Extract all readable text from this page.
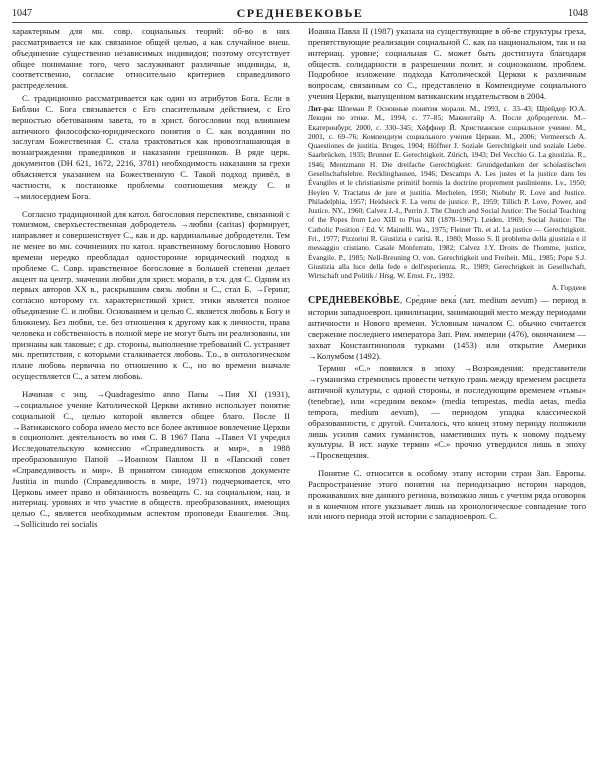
1047	СРЕДНЕВЕКОВЬЕ	1048

характерным для мн. совр. социальных теорий: об-во в них рассматривается не как связанное общей целью, а как случайное внеш. объединение существенно независимых индивидов; поэтому отсутствует общее понимание того, чего заслуживают различные индивиды, и, соответственно, согласие относительно критериев справедливого распределения.

С. традиционно рассматривается как один из атрибутов Бога. Если в Библии С. Бога связывается с Его спасительным действием, с Его верностью обетованиям завета, то в христ. богословии под влиянием античного философско-юридического понятия о С. как воздаянии по заслугам Божественная С. стала трактоваться как провозглашающая в вознаграждении праведников и наказании грешников. В ряде церк. документов (DH 621, 1672, 2216, 3781) необходимость наказания за грехи объясняется указанием на Божественную С. Такой подход привёл, в частности, к постановке проблемы соотношения между С. и →милосердием Бога.

Согласно традиционной для катол. богословия перспективе, связанной с томизмом, сверхъестественная добродетель →любви (caritas) формирует, направляет и совершенствует С., как и др. кардинальные добродетели. Тем не менее во мн. сочинениях по катол. нравственному богословию Нового времени нередко преобладал односторонне юридический подход к проблеме С. Совр. нравственное богословие в большей степени делает акцент на центр. значении любви для христ. морали, в т.ч. для С. Одним из первых авторов XX в., раскрывшим связь любви и С., стал Б. →Геринг, согласно которому гл. характеристикой христ. этики является полное объединение С. и любви. Основанием и целью С. является любовь к Богу и ближнему. Без любви, т.е. без отношения к другому как к личности, права человека и собственность в полной мере не могут быть ни реализованы, ни признаны как таковые; с др. стороны, выполнение требований С. устраняет мн. препятствия, с которыми сталкивается любовь. Т.о., в онтологическом плане любовь первична по отношению к С., но во времени вначале осуществляется С., а затем любовь.

Начиная с энц. →Quadragesimo anno Папы →Пия XI (1931), →социальное учение Католической Церкви активно использует понятие социальной С., целью которой является общее благо. После II →Ватиканского собора имело место все более активное вовлечение Церкви в социополит. деятельность во имя С. В 1967 Папа →Павел VI учредил Исследовательскую комиссию «Справедливость и мир», в 1988 преобразованную Папой →Иоанном Павлом II в «Папский совет «Справедливость и мир». В принятом синодом епископов документе Justitia in mundo (Справедливость в мире, 1971) подчеркивается, что Церковь имеет право и обязанность возвещать С. на социальном, нац. и интернац. уровнях и что участие в обществ. преобразованиях, имеющих целью С., является необходимым аспектом проповеди Евангелия. Энц. →Sollicitudo rei socialis

Иоанна Павла II (1987) указала на существующие в об-ве структуры греха, препятствующие реализации социальной С. как на национальном, так и на интернац. уровне; социальная С. может быть достигнута благодаря обществ. солидарности в разрешении полит. и социоэконом. проблем. Подробное изложение подхода Католической Церкви к различным вопросам, связанным со С., представлено в Компендиуме социального учения Церкви, выпущенном ватиканским издательством в 2004.

Лит-ра: Шпеман Р. Основные понятия морали. М., 1993, с. 33–43; Шрейдер Ю.А. Лекции по этике. М., 1994, с. 77–85; Макинтайр А. После добродетели. М.–Екатеринбург, 2000, с. 330–345; Хёффнер Й. Христианское социальное учение. М., 2001, с. 69–76; Компендиум социального учения Церкви. М., 2006; Vermeersch A. Quaestiones de justitia. Bruges, 1904; Höffner J. Soziale Gerechtigkeit und soziale Liebe. Saarbrücken, 1935; Brunner E. Gerechtigkeit. Zürich, 1943; Del Vecchio G. La giustizia. R., 1946; Mentzmann H. Die dreifache Gerechtigkeit: Grundgedanken der scholastischen Gesellschaftslehre. Recklinghausen, 1946; Descamps A. Les justes et la justice dans les Évangiles et le christianisme primitif hormis la doctrine proprement paulinienne. Lv., 1950; Heylen V. Tractatus de jure et justitia. Mechelen, 1950; Niebuhr R. Love and Justice. Philadelphia, 1957; Heidsieck F. La vertu de justice. P., 1959; Tillich P. Love, Power, and Justice. NY., 1960; Calvez J.-I., Perrin J. The Church and Social Justice: The Social Teaching of the Popes from Leo XIII to Pius XII (1878–1967). Leiden, 1969; Social Justice: The Catholic Position / Ed. V. Mainelli. Wa., 1975; Fleiner Th. et al. La justice — Gerechtigkeit. Fri., 1977; Pizzorini R. Giustizia e carità. R., 1980; Mosso S. Il problema della giustizia e il messaggio cristiano. Casale Monferrato, 1982; Calvez J.Y. Droits de l'homme, justice, Évangile. P., 1985; Nell-Breuning O. von. Gerechtigkeit und Freiheit. Mü., 1985; Pope S.J. Giustizia alla luce della fede e dell'esperienza. R., 1989; Gerechtigkeit in Gesellschaft, Wirtschaft und Politik / Hrsg. W. Ernst. Fr., 1992.

А. Гордеев

СРЕДНЕВЕКО́ВЬЕ, Сре́дние века́ (лат. medium aevum) — период в истории западноевроп. цивилизации, занимающий место между периодами античности и Нового времени. Условным началом С. обычно считается свержение последнего императора Зап. Рим. империи (476), окончанием — захват Константинополя турками (1453) или открытие Америки →Колумбом (1492).

Термин «С.» появился в эпоху →Возрождения: представители →гуманизма стремились провести четкую грань между временем расцвета античной культуры, с одной стороны, и последующим временем «тьмы» (tenebrae), или «средним веком» (media tempestas, media aetas, media tempora, medium aevum), — периодом упадка классической образованности, с другой. Считалось, что конец этому периоду положили лишь усилия самих гуманистов, наметивших путь к новому подъему культуры. В ист. науке термин «С.» прочно утвердился лишь в эпоху →Просвещения.

Понятие С. относится к особому этапу истории стран Зап. Европы. Распространение этого понятия на периодизацию истории народов, проживавших вне данного региона, возможно лишь с учетом ряда оговорок и в конечном итоге указывает лишь на хронологическое совпадение того или иного периода этой истории с западноевроп. С.
